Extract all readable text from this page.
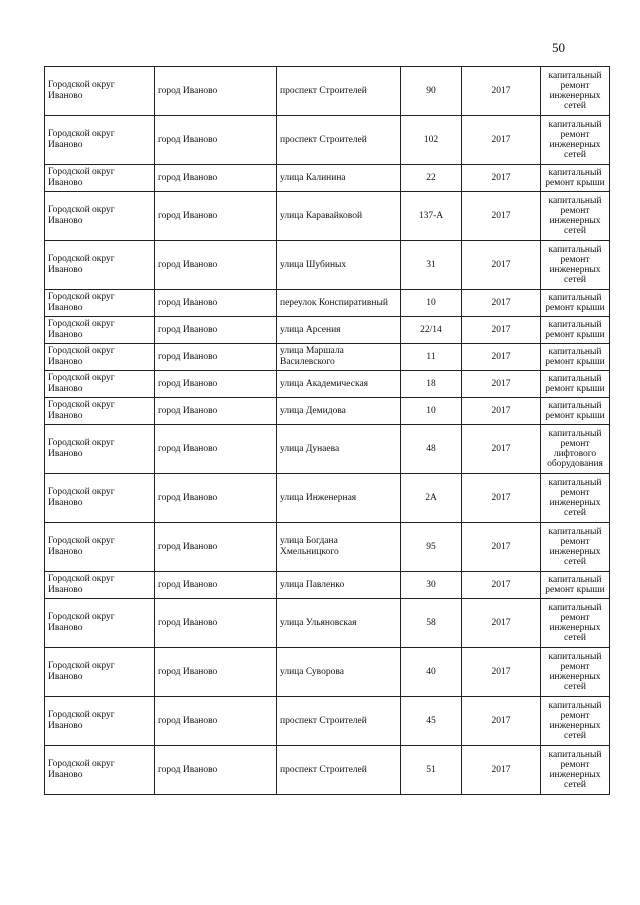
50
Городской округ Иваново	город Иваново	проспект Строителей	90	2017	капитальный ремонт инженерных сетей
Городской округ Иваново	город Иваново	проспект Строителей	102	2017	капитальный ремонт инженерных сетей
Городской округ Иваново	город Иваново	улица Калинина	22	2017	капитальный ремонт крыши
Городской округ Иваново	город Иваново	улица Каравайковой	137-А	2017	капитальный ремонт инженерных сетей
Городской округ Иваново	город Иваново	улица Шубиных	31	2017	капитальный ремонт инженерных сетей
Городской округ Иваново	город Иваново	переулок Конспиративный	10	2017	капитальный ремонт крыши
Городской округ Иваново	город Иваново	улица Арсения	22/14	2017	капитальный ремонт крыши
Городской округ Иваново	город Иваново	улица Маршала Василевского	11	2017	капитальный ремонт крыши
Городской округ Иваново	город Иваново	улица Академическая	18	2017	капитальный ремонт крыши
Городской округ Иваново	город Иваново	улица Демидова	10	2017	капитальный ремонт крыши
Городской округ Иваново	город Иваново	улица Дунаева	48	2017	капитальный ремонт лифтового оборудования
Городской округ Иваново	город Иваново	улица Инженерная	2А	2017	капитальный ремонт инженерных сетей
Городской округ Иваново	город Иваново	улица Богдана Хмельницкого	95	2017	капитальный ремонт инженерных сетей
Городской округ Иваново	город Иваново	улица Павленко	30	2017	капитальный ремонт крыши
Городской округ Иваново	город Иваново	улица Ульяновская	58	2017	капитальный ремонт инженерных сетей
Городской округ Иваново	город Иваново	улица Суворова	40	2017	капитальный ремонт инженерных сетей
Городской округ Иваново	город Иваново	проспект Строителей	45	2017	капитальный ремонт инженерных сетей
Городской округ Иваново	город Иваново	проспект Строителей	51	2017	капитальный ремонт инженерных сетей
